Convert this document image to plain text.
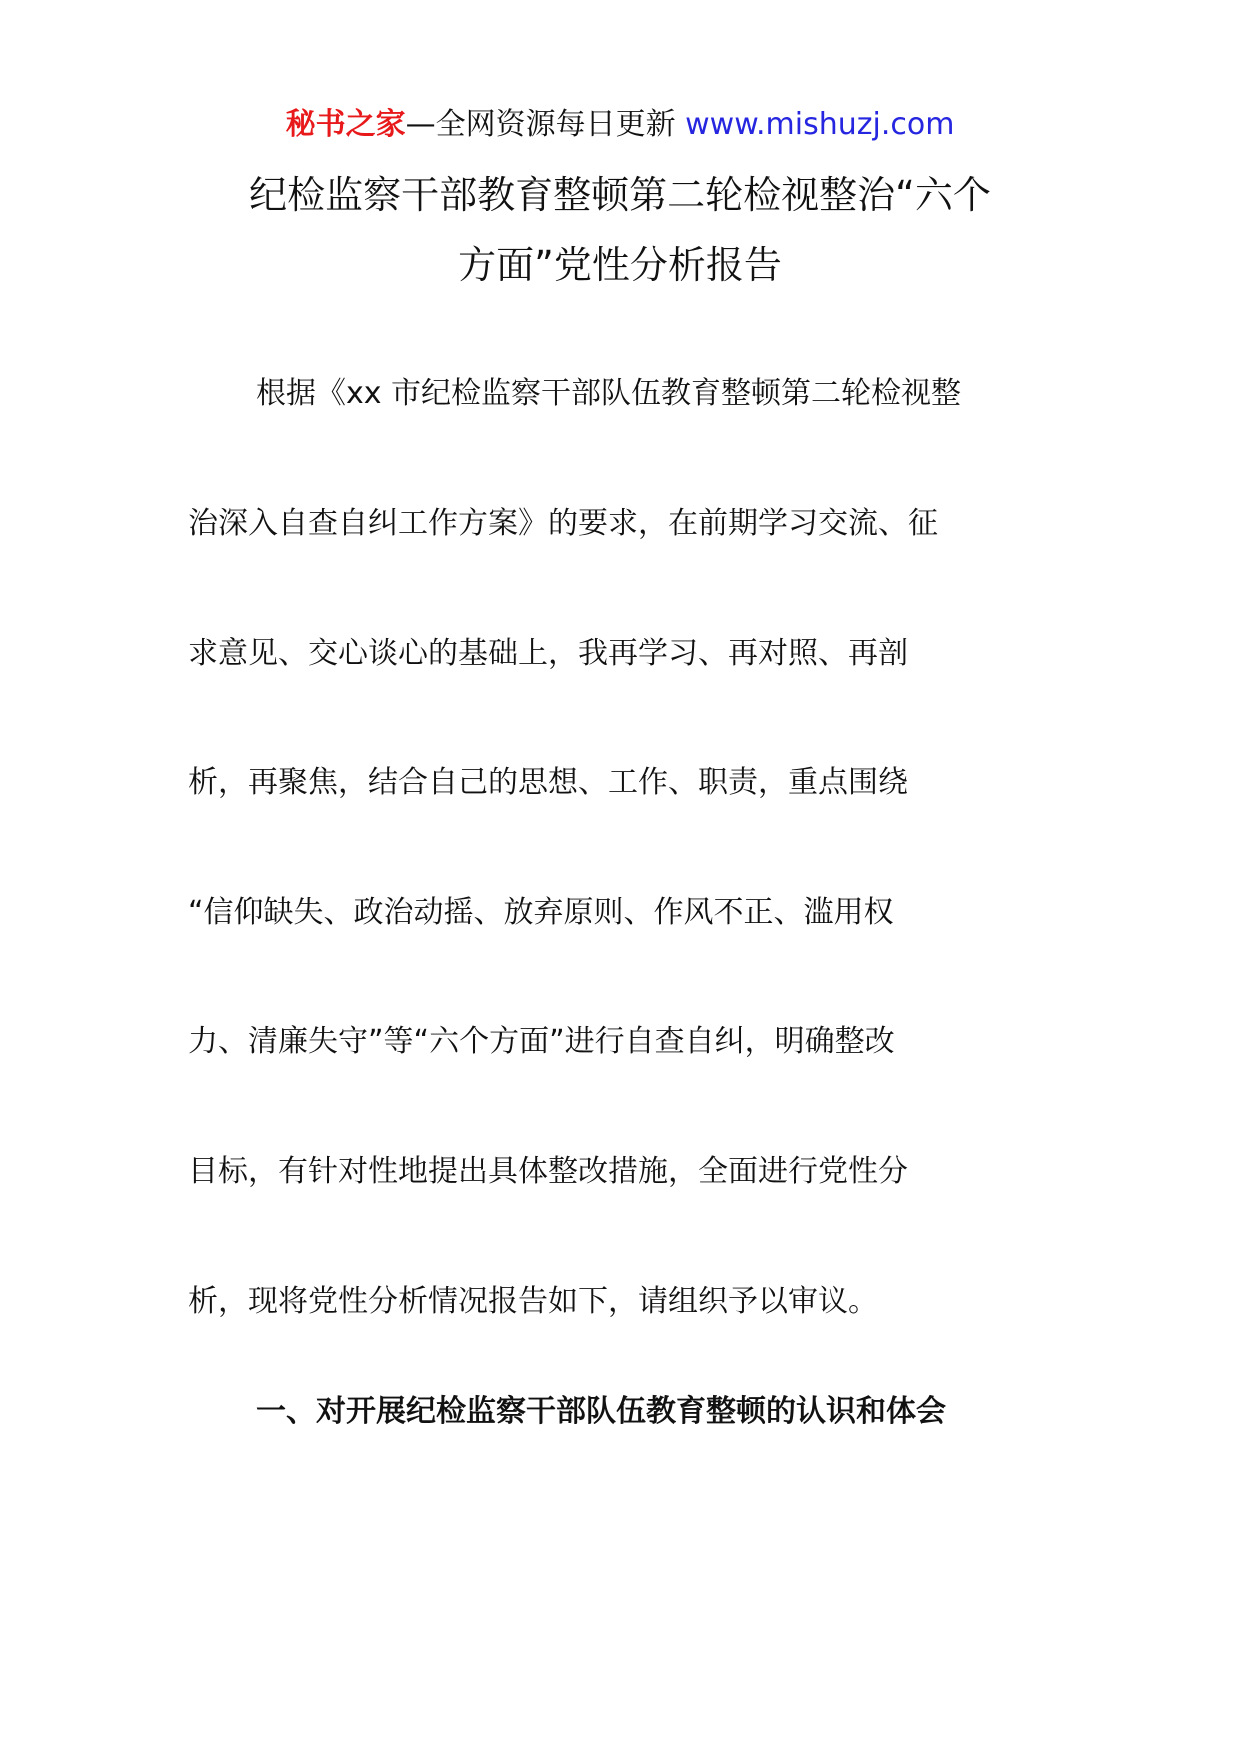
秘书之家—全网资源每日更新 www.mishuzj.com
纪检监察干部教育整顿第二轮检视整治“六个
方面”党性分析报告
根据《xx 市纪检监察干部队伍教育整顿第二轮检视整
治深入自查自纠工作方案》的要求，在前期学习交流、征
求意见、交心谈心的基础上，我再学习、再对照、再剖
析，再聚焦，结合自己的思想、工作、职责，重点围绕
“信仰缺失、政治动摇、放弃原则、作风不正、滥用权
力、清廉失守”等“六个方面”进行自查自纠，明确整改
目标，有针对性地提出具体整改措施，全面进行党性分
析，现将党性分析情况报告如下，请组织予以审议。
一、对开展纪检监察干部队伍教育整顿的认识和体会
